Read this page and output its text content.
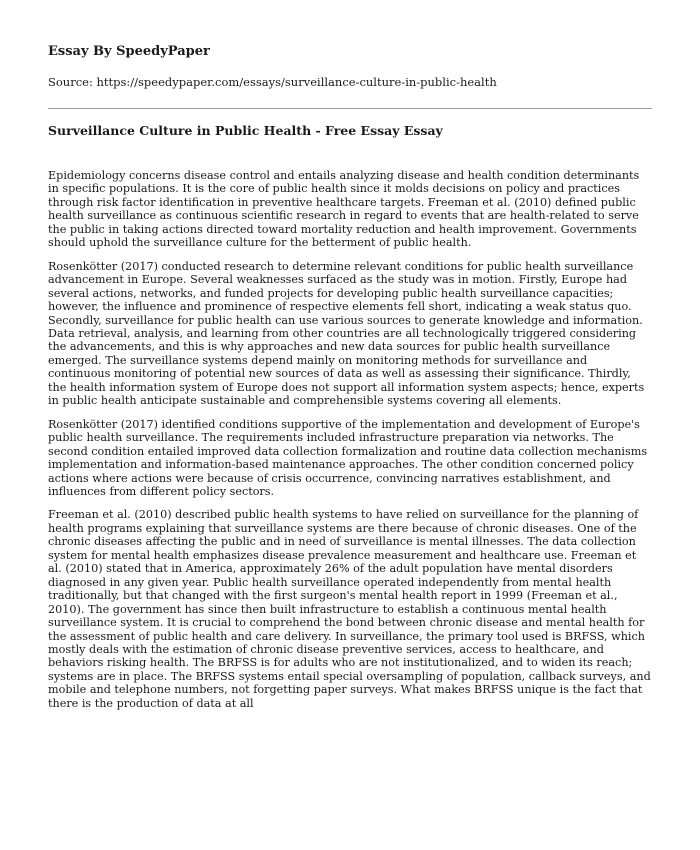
Essay By SpeedyPaper
Source: https://speedypaper.com/essays/surveillance-culture-in-public-health
Surveillance Culture in Public Health - Free Essay Essay

Epidemiology concerns disease control and entails analyzing disease and health condition determinants in specific populations. It is the core of public health since it molds decisions on policy and practices through risk factor identification in preventive healthcare targets. Freeman et al. (2010) defined public health surveillance as continuous scientific research in regard to events that are health-related to serve the public in taking actions directed toward mortality reduction and health improvement. Governments should uphold the surveillance culture for the betterment of public health.

Rosenkötter (2017) conducted research to determine relevant conditions for public health surveillance advancement in Europe. Several weaknesses surfaced as the study was in motion. Firstly, Europe had several actions, networks, and funded projects for developing public health surveillance capacities; however, the influence and prominence of respective elements fell short, indicating a weak status quo. Secondly, surveillance for public health can use various sources to generate knowledge and information. Data retrieval, analysis, and learning from other countries are all technologically triggered considering the advancements, and this is why approaches and new data sources for public health surveillance emerged. The surveillance systems depend mainly on monitoring methods for surveillance and continuous monitoring of potential new sources of data as well as assessing their significance. Thirdly, the health information system of Europe does not support all information system aspects; hence, experts in public health anticipate sustainable and comprehensible systems covering all elements.

Rosenkötter (2017) identified conditions supportive of the implementation and development of Europe's public health surveillance. The requirements included infrastructure preparation via networks. The second condition entailed improved data collection formalization and routine data collection mechanisms implementation and information-based maintenance approaches. The other condition concerned policy actions where actions were because of crisis occurrence, convincing narratives establishment, and influences from different policy sectors.

Freeman et al. (2010) described public health systems to have relied on surveillance for the planning of health programs explaining that surveillance systems are there because of chronic diseases. One of the chronic diseases affecting the public and in need of surveillance is mental illnesses. The data collection system for mental health emphasizes disease prevalence measurement and healthcare use. Freeman et al. (2010) stated that in America, approximately 26% of the adult population have mental disorders diagnosed in any given year. Public health surveillance operated independently from mental health traditionally, but that changed with the first surgeon's mental health report in 1999 (Freeman et al., 2010). The government has since then built infrastructure to establish a continuous mental health surveillance system. It is crucial to comprehend the bond between chronic disease and mental health for the assessment of public health and care delivery. In surveillance, the primary tool used is BRFSS, which mostly deals with the estimation of chronic disease preventive services, access to healthcare, and behaviors risking health. The BRFSS is for adults who are not institutionalized, and to widen its reach; systems are in place. The BRFSS systems entail special oversampling of population, callback surveys, and mobile and telephone numbers, not forgetting paper surveys. What makes BRFSS unique is the fact that there is the production of data at all
